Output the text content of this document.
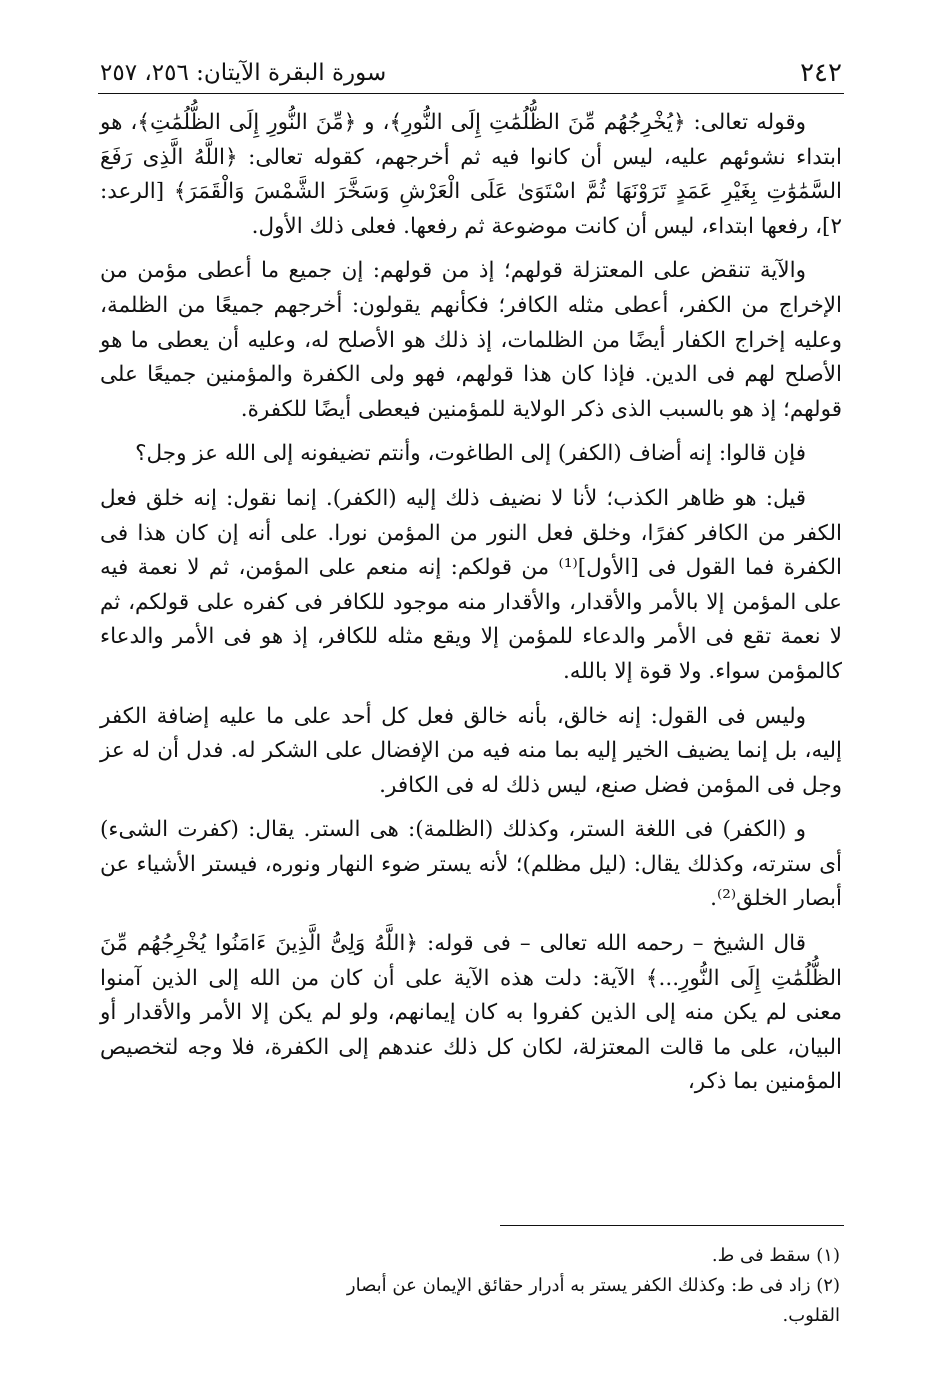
٢٤٢
سورة البقرة الآيتان: ٢٥٦، ٢٥٧

وقوله تعالى: ﴿يُخْرِجُهُم مِّنَ الظُّلُمَٰتِ إِلَى النُّورِ﴾، و ﴿مِّنَ النُّورِ إِلَى الظُّلُمَٰتِ﴾، هو ابتداء نشوئهم عليه، ليس أن كانوا فيه ثم أخرجهم، كقوله تعالى: ﴿اللَّهُ الَّذِى رَفَعَ السَّمَٰوَٰتِ بِغَيْرِ عَمَدٍ تَرَوْنَهَا ثُمَّ اسْتَوَىٰ عَلَى الْعَرْشِ وَسَخَّرَ الشَّمْسَ وَالْقَمَرَ﴾ [الرعد: ٢]، رفعها ابتداء، ليس أن كانت موضوعة ثم رفعها. فعلى ذلك الأول.

والآية تنقض على المعتزلة قولهم؛ إذ من قولهم: إن جميع ما أعطى مؤمن من الإخراج من الكفر، أعطى مثله الكافر؛ فكأنهم يقولون: أخرجهم جميعًا من الظلمة، وعليه إخراج الكفار أيضًا من الظلمات، إذ ذلك هو الأصلح له، وعليه أن يعطى ما هو الأصلح لهم فى الدين. فإذا كان هذا قولهم، فهو ولى الكفرة والمؤمنين جميعًا على قولهم؛ إذ هو بالسبب الذى ذكر الولاية للمؤمنين فيعطى أيضًا للكفرة.

فإن قالوا: إنه أضاف (الكفر) إلى الطاغوت، وأنتم تضيفونه إلى الله عز وجل؟

قيل: هو ظاهر الكذب؛ لأنا لا نضيف ذلك إليه (الكفر). إنما نقول: إنه خلق فعل الكفر من الكافر كفرًا، وخلق فعل النور من المؤمن نورا. على أنه إن كان هذا فى الكفرة فما القول فى [الأول]⁽¹⁾ من قولكم: إنه منعم على المؤمن، ثم لا نعمة فيه على المؤمن إلا بالأمر والأقدار، والأقدار منه موجود للكافر فى كفره على قولكم، ثم لا نعمة تقع فى الأمر والدعاء للمؤمن إلا ويقع مثله للكافر، إذ هو فى الأمر والدعاء كالمؤمن سواء. ولا قوة إلا بالله.

وليس فى القول: إنه خالق، بأنه خالق فعل كل أحد على ما عليه إضافة الكفر إليه، بل إنما يضيف الخير إليه بما منه فيه من الإفضال على الشكر له. فدل أن له عز وجل فى المؤمن فضل صنع، ليس ذلك له فى الكافر.

و (الكفر) فى اللغة الستر، وكذلك (الظلمة): هى الستر. يقال: (كفرت الشىء) أى سترته، وكذلك يقال: (ليل مظلم)؛ لأنه يستر ضوء النهار ونوره، فيستر الأشياء عن أبصار الخلق⁽²⁾.

قال الشيخ – رحمه الله تعالى – فى قوله: ﴿اللَّهُ وَلِىُّ الَّذِينَ ءَامَنُوا يُخْرِجُهُم مِّنَ الظُّلُمَٰتِ إِلَى النُّورِ...﴾ الآية: دلت هذه الآية على أن كان من الله إلى الذين آمنوا معنى لم يكن منه إلى الذين كفروا به كان إيمانهم، ولو لم يكن إلا الأمر والأقدار أو البيان، على ما قالت المعتزلة، لكان كل ذلك عندهم إلى الكفرة، فلا وجه لتخصيص المؤمنين بما ذكر،

(١) سقط فى ط.

(٢) زاد فى ط: وكذلك الكفر يستر به أدرار حقائق الإيمان عن أبصار القلوب.
